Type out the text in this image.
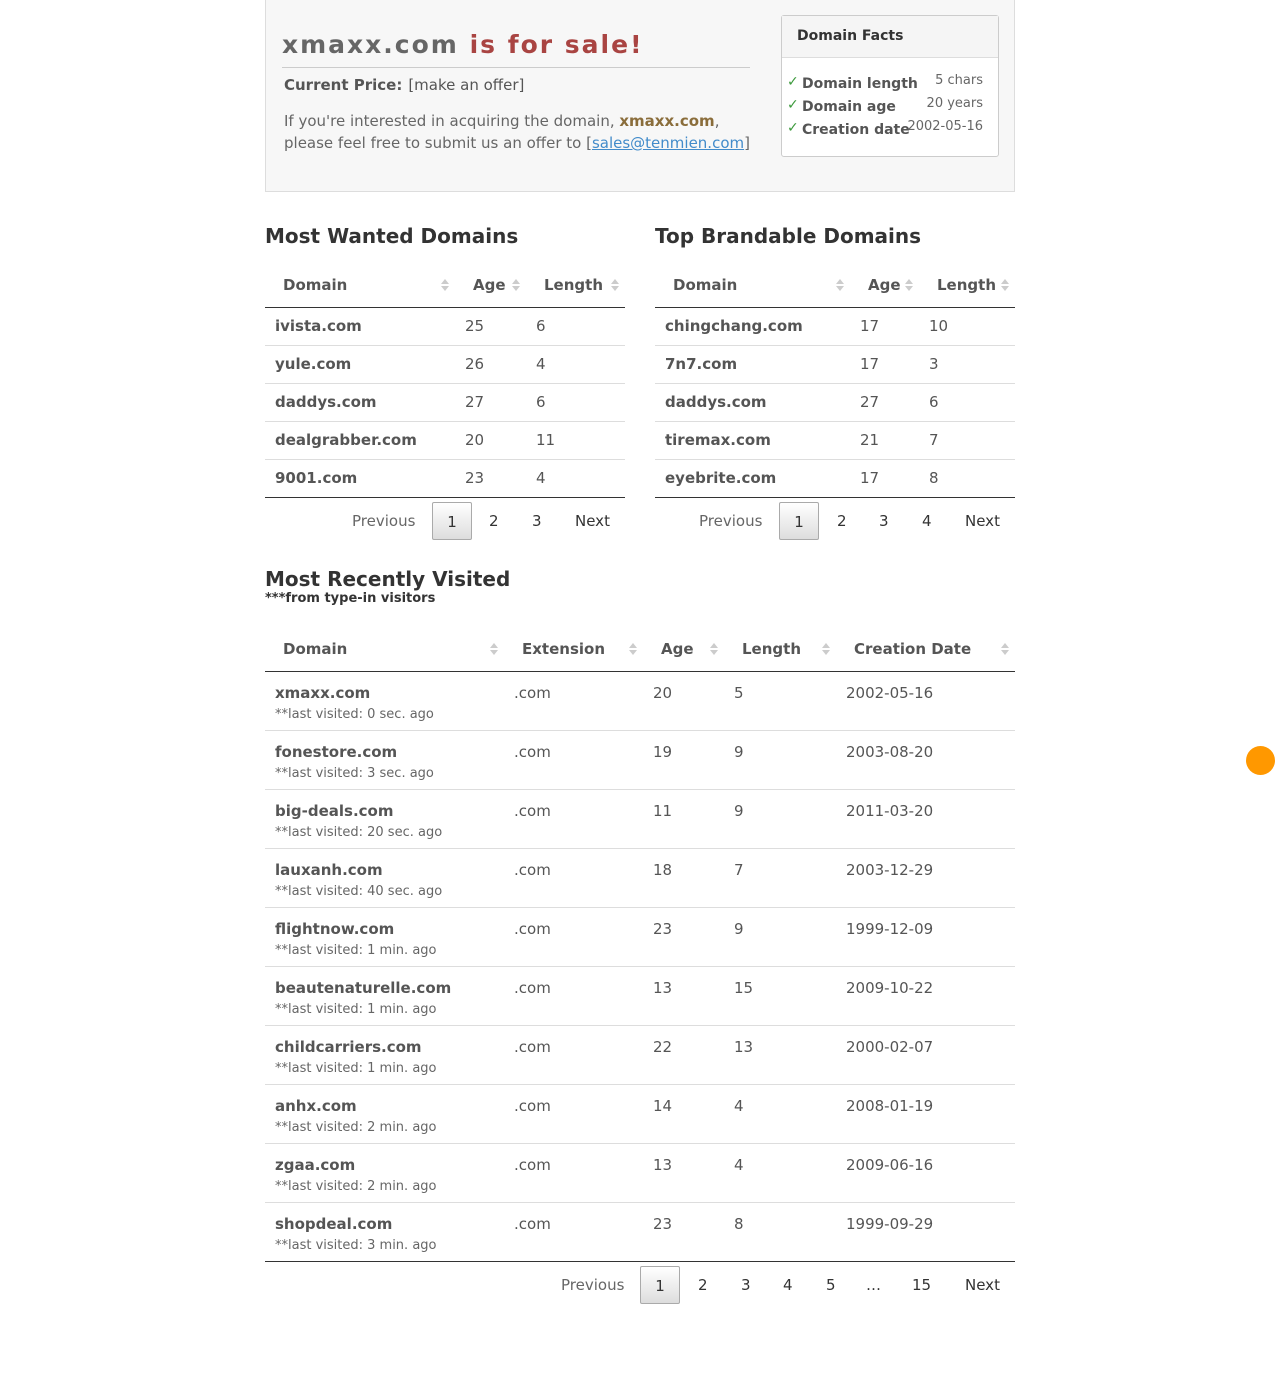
xmaxx.com is for sale!
Current Price: [make an offer]

If you're interested in acquiring the domain, xmaxx.com, please feel free to submit us an offer to [sales@tenmien.com]

Domain Facts
✓ Domain length 5 chars
✓ Domain age 20 years
✓ Creation date
2002-05-16
Most Wanted Domains
Domain	Age	Length

ivista.com	25	6
yule.com	26	4
daddys.com	27	6
dealgrabber.com	20	11
9001.com	23	4
Previous	1	2 3 Next
Top Brandable Domains
Domain	Age	Length

chingchang.com	17	10
7n7.com	17	3
daddys.com	27	6
tiremax.com	21	7
eyebrite.com	17	8
Previous	1	2 3 4 Next
Most Recently Visited
***from type-in visitors
Domain	Extension	Age	Length	Creation Date

xmaxx.com
**last visited: 0 sec. ago	.com	20	5	2002-05-16
fonestore.com
**last visited: 3 sec. ago	.com	19	9	2003-08-20
big-deals.com
**last visited: 20 sec. ago	.com	11	9	2011-03-20
lauxanh.com
**last visited: 40 sec. ago	.com	18	7	2003-12-29
flightnow.com
**last visited: 1 min. ago	.com	23	9	1999-12-09
beautenaturelle.com
**last visited: 1 min. ago	.com	13	15	2009-10-22
childcarriers.com
**last visited: 1 min. ago	.com	22	13	2000-02-07
anhx.com
**last visited: 2 min. ago	.com	14	4	2008-01-19
zgaa.com
**last visited: 2 min. ago	.com	13	4	2009-06-16
shopdeal.com
**last visited: 3 min. ago	.com	23	8	1999-09-29
Previous	1	2 3 4 5 … 15 Next
